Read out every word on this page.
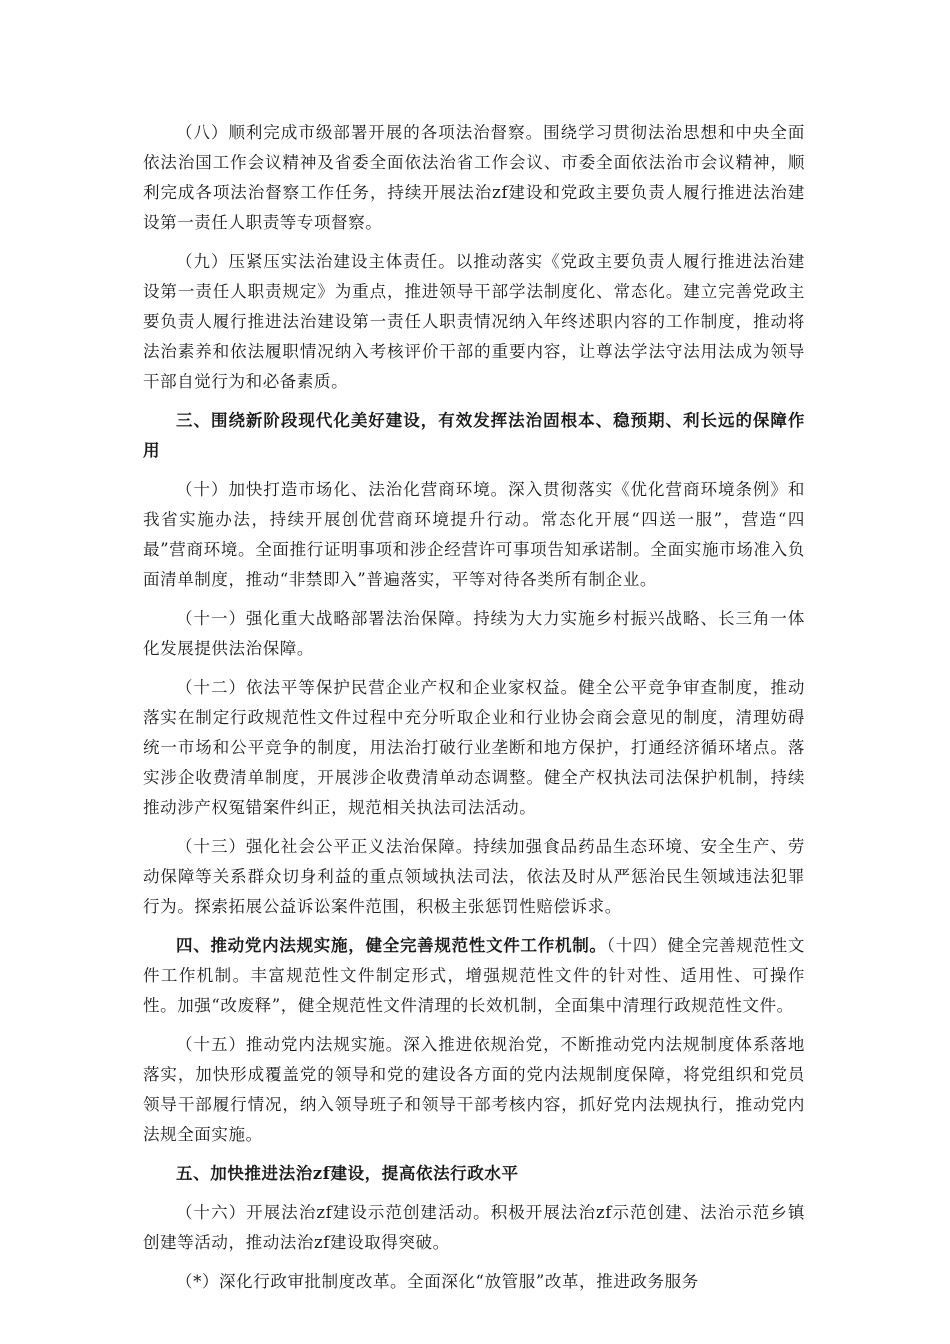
（八）顺利完成市级部署开展的各项法治督察。围绕学习贯彻法治思想和中央全面依法治国工作会议精神及省委全面依法治省工作会议、市委全面依法治市会议精神，顺利完成各项法治督察工作任务，持续开展法治zf建设和党政主要负责人履行推进法治建设第一责任人职责等专项督察。

（九）压紧压实法治建设主体责任。以推动落实《党政主要负责人履行推进法治建设第一责任人职责规定》为重点，推进领导干部学法制度化、常态化。建立完善党政主要负责人履行推进法治建设第一责任人职责情况纳入年终述职内容的工作制度，推动将法治素养和依法履职情况纳入考核评价干部的重要内容，让尊法学法守法用法成为领导干部自觉行为和必备素质。

三、围绕新阶段现代化美好建设，有效发挥法治固根本、稳预期、利长远的保障作用

（十）加快打造市场化、法治化营商环境。深入贯彻落实《优化营商环境条例》和我省实施办法，持续开展创优营商环境提升行动。常态化开展“四送一服”，营造“四最”营商环境。全面推行证明事项和涉企经营许可事项告知承诺制。全面实施市场准入负面清单制度，推动“非禁即入”普遍落实，平等对待各类所有制企业。

（十一）强化重大战略部署法治保障。持续为大力实施乡村振兴战略、长三角一体化发展提供法治保障。

（十二）依法平等保护民营企业产权和企业家权益。健全公平竞争审查制度，推动落实在制定行政规范性文件过程中充分听取企业和行业协会商会意见的制度，清理妨碍统一市场和公平竞争的制度，用法治打破行业垄断和地方保护，打通经济循环堵点。落实涉企收费清单制度，开展涉企收费清单动态调整。健全产权执法司法保护机制，持续推动涉产权冤错案件纠正，规范相关执法司法活动。

（十三）强化社会公平正义法治保障。持续加强食品药品生态环境、安全生产、劳动保障等关系群众切身利益的重点领域执法司法，依法及时从严惩治民生领域违法犯罪行为。探索拓展公益诉讼案件范围，积极主张惩罚性赔偿诉求。

四、推动党内法规实施，健全完善规范性文件工作机制。（十四）健全完善规范性文件工作机制。丰富规范性文件制定形式，增强规范性文件的针对性、适用性、可操作性。加强“改废释”，健全规范性文件清理的长效机制，全面集中清理行政规范性文件。

（十五）推动党内法规实施。深入推进依规治党，不断推动党内法规制度体系落地落实，加快形成覆盖党的领导和党的建设各方面的党内法规制度保障，将党组织和党员领导干部履行情况，纳入领导班子和领导干部考核内容，抓好党内法规执行，推动党内法规全面实施。

五、加快推进法治zf建设，提高依法行政水平

（十六）开展法治zf建设示范创建活动。积极开展法治zf示范创建、法治示范乡镇创建等活动，推动法治zf建设取得突破。

（*）深化行政审批制度改革。全面深化“放管服”改革，推进政务服务
